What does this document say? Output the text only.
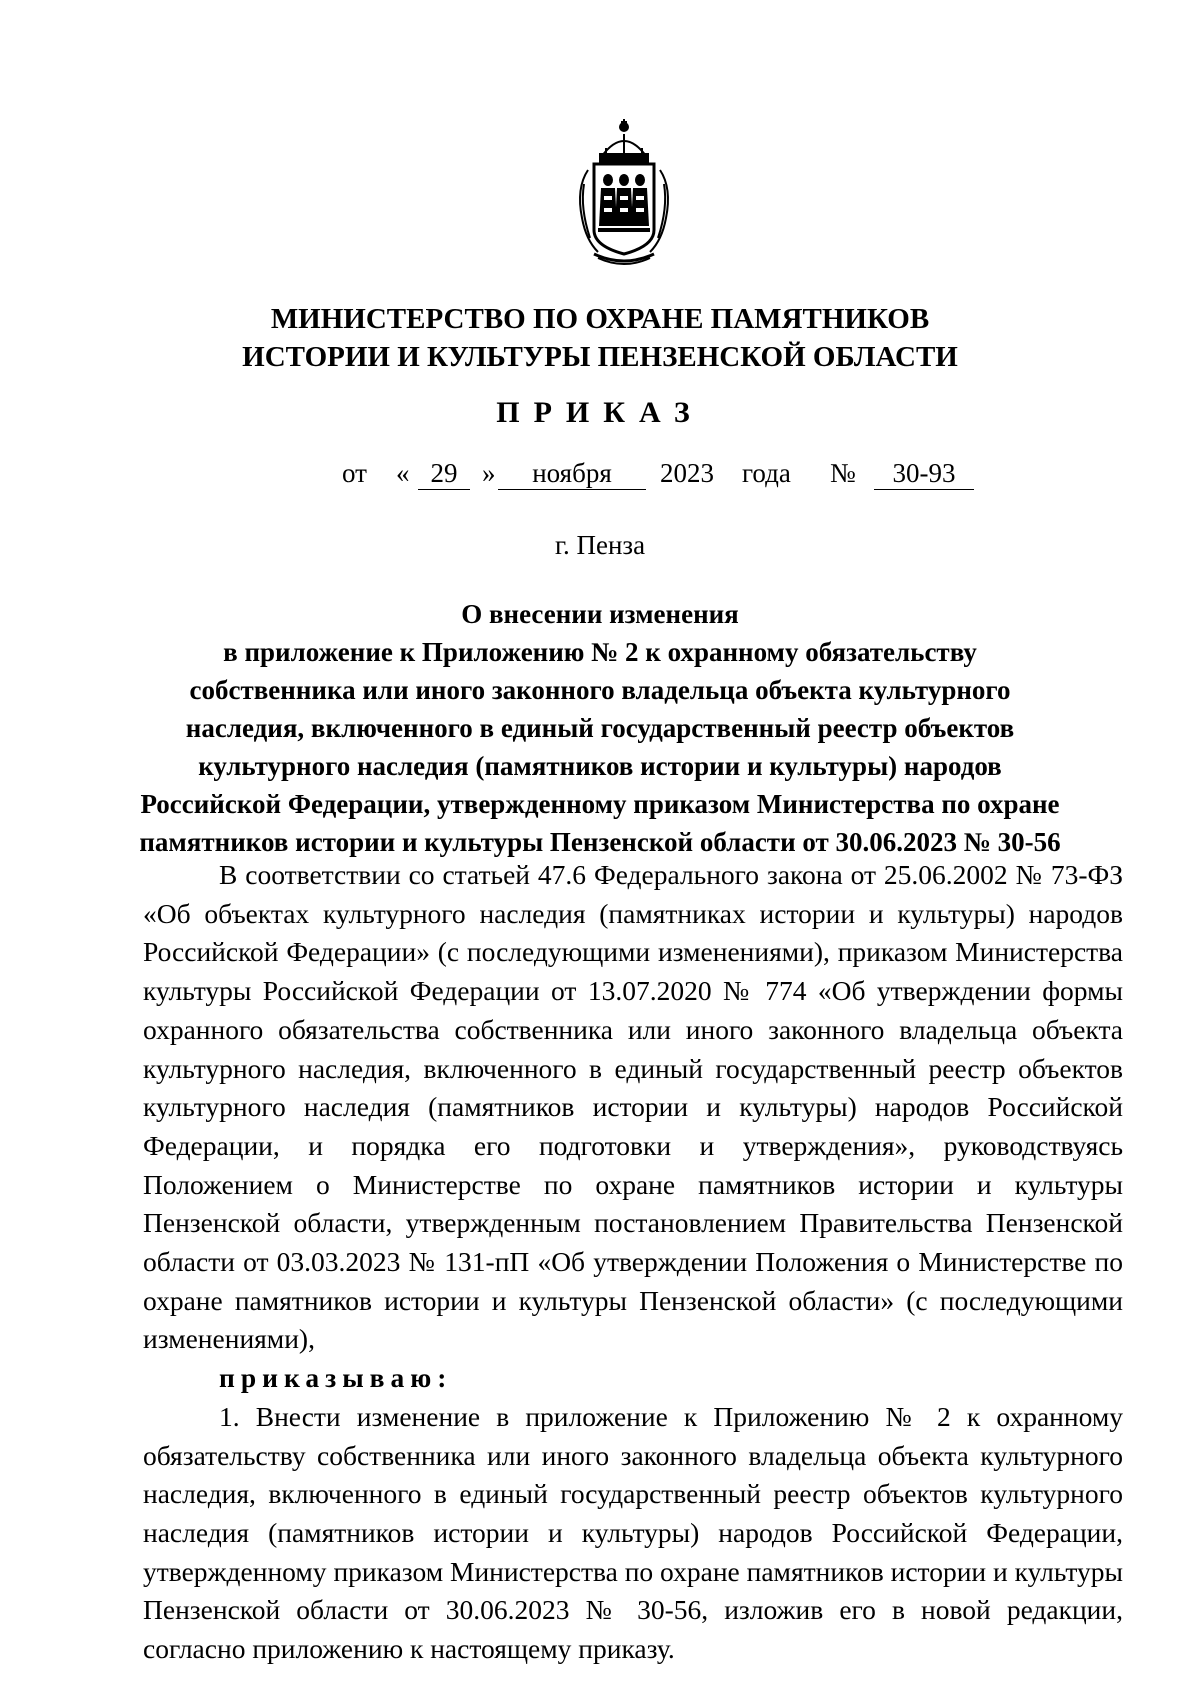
МИНИСТЕРСТВО ПО ОХРАНЕ ПАМЯТНИКОВ
ИСТОРИИ И КУЛЬТУРЫ ПЕНЗЕНСКОЙ ОБЛАСТИ
ПРИКАЗ
от « 29 »	ноября	2023 года №	30-93
г. Пенза
О внесении изменения
в приложение к Приложению № 2 к охранному обязательству
собственника или иного законного владельца объекта культурного
наследия, включенного в единый государственный реестр объектов
культурного наследия (памятников истории и культуры) народов
Российской Федерации, утвержденному приказом Министерства по охране
памятников истории и культуры Пензенской области от 30.06.2023 № 30-56

В соответствии со статьей 47.6 Федерального закона от 25.06.2002 № 73-ФЗ «Об объектах культурного наследия (памятниках истории и культуры) народов Российской Федерации» (с последующими изменениями), приказом Министерства культуры Российской Федерации от 13.07.2020 № 774 «Об утверждении формы охранного обязательства собственника или иного законного владельца объекта культурного наследия, включенного в единый государственный реестр объектов культурного наследия (памятников истории и культуры) народов Российской Федерации, и порядка его подготовки и утверждения», руководствуясь Положением о Министерстве по охране памятников истории и культуры Пензенской области, утвержденным постановлением Правительства Пензенской области от 03.03.2023 № 131-пП «Об утверждении Положения о Министерстве по охране памятников истории и культуры Пензенской области» (с последующими изменениями),

приказываю:

1. Внести изменение в приложение к Приложению № 2 к охранному обязательству собственника или иного законного владельца объекта культурного наследия, включенного в единый государственный реестр объектов культурного наследия (памятников истории и культуры) народов Российской Федерации, утвержденному приказом Министерства по охране памятников истории и культуры Пензенской области от 30.06.2023 № 30-56, изложив его в новой редакции, согласно приложению к настоящему приказу.
